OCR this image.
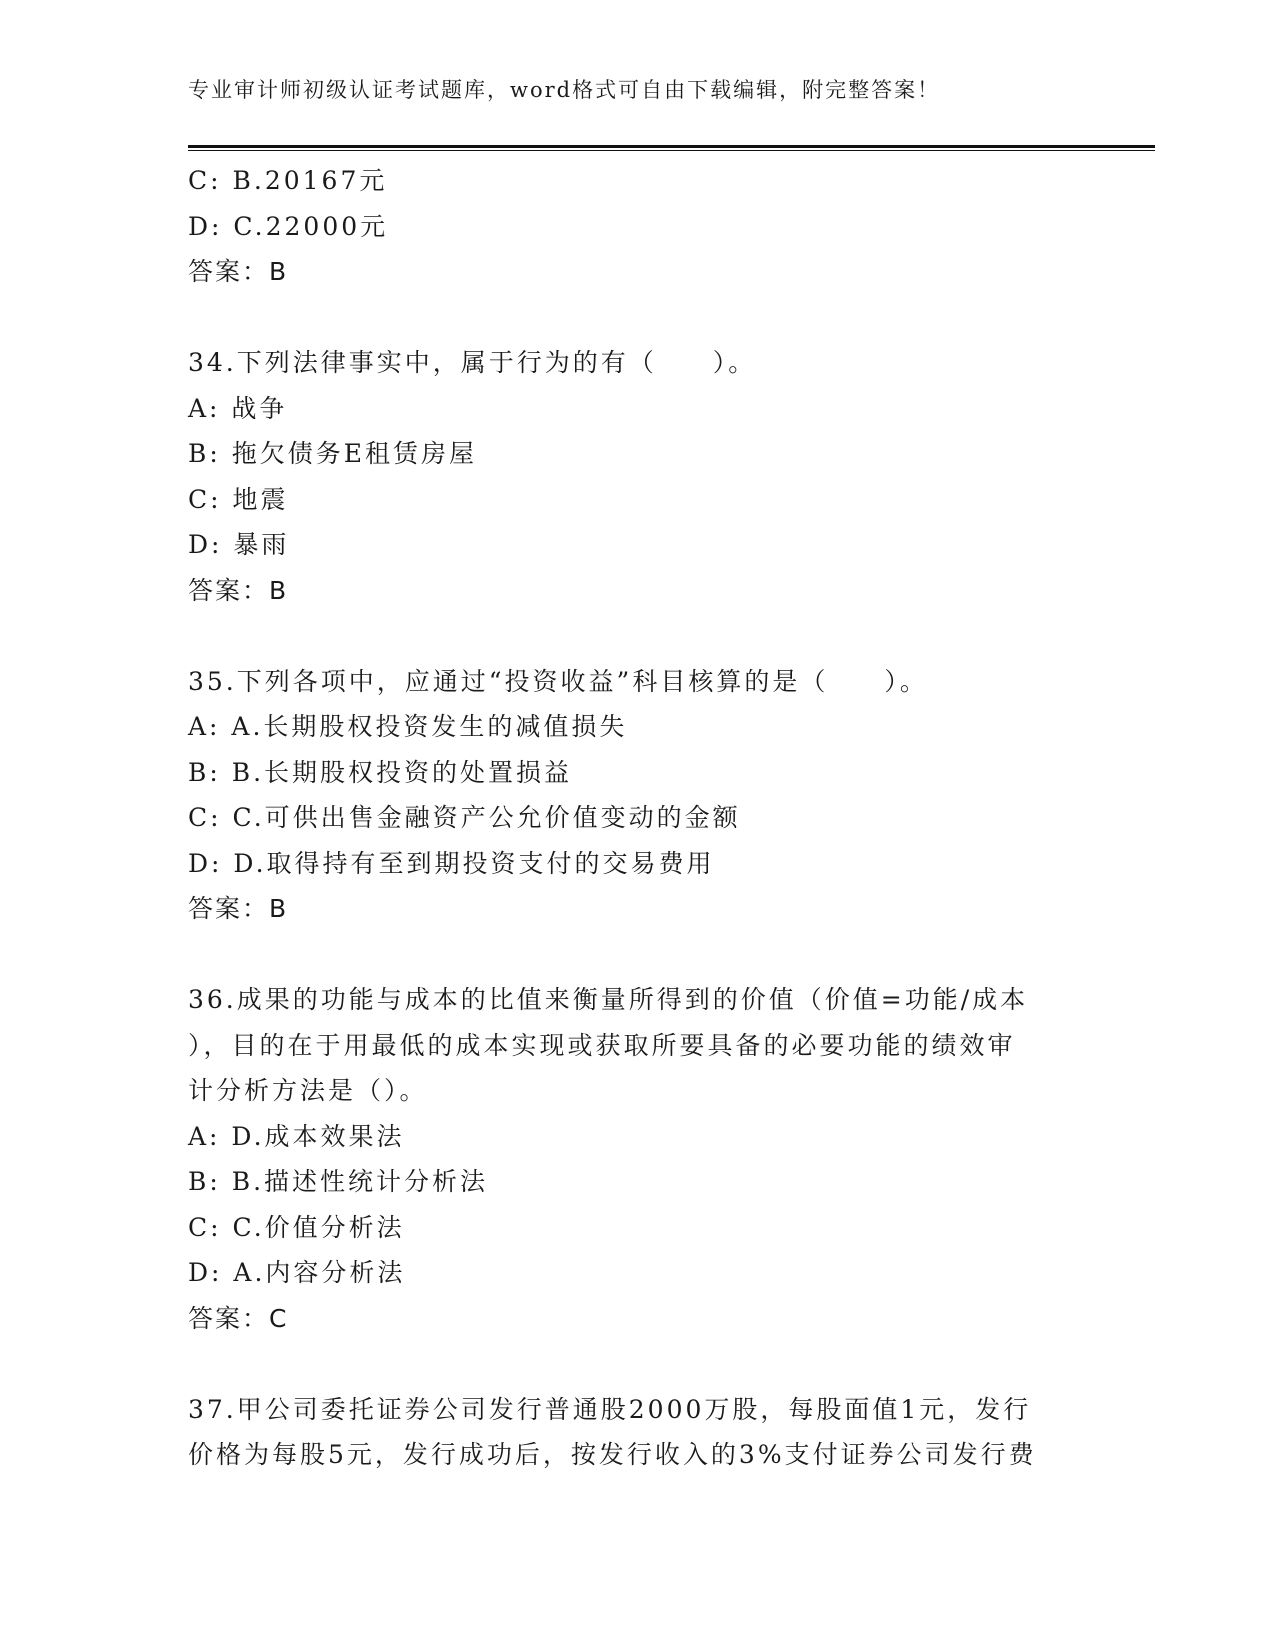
专业审计师初级认证考试题库，word格式可自由下载编辑，附完整答案！
C: B.20167元
D: C.22000元
答案：B
34.下列法律事实中，属于行为的有（　　）。
A: 战争
B: 拖欠债务E租赁房屋
C: 地震
D: 暴雨
答案：B
35.下列各项中，应通过“投资收益”科目核算的是（　　）。
A: A.长期股权投资发生的减值损失
B: B.长期股权投资的处置损益
C: C.可供出售金融资产公允价值变动的金额
D: D.取得持有至到期投资支付的交易费用
答案：B
36.成果的功能与成本的比值来衡量所得到的价值（价值=功能/成本
），目的在于用最低的成本实现或获取所要具备的必要功能的绩效审
计分析方法是（）。
A: D.成本效果法
B: B.描述性统计分析法
C: C.价值分析法
D: A.内容分析法
答案：C
37.甲公司委托证券公司发行普通股2000万股，每股面值1元，发行
价格为每股5元，发行成功后，按发行收入的3%支付证券公司发行费
